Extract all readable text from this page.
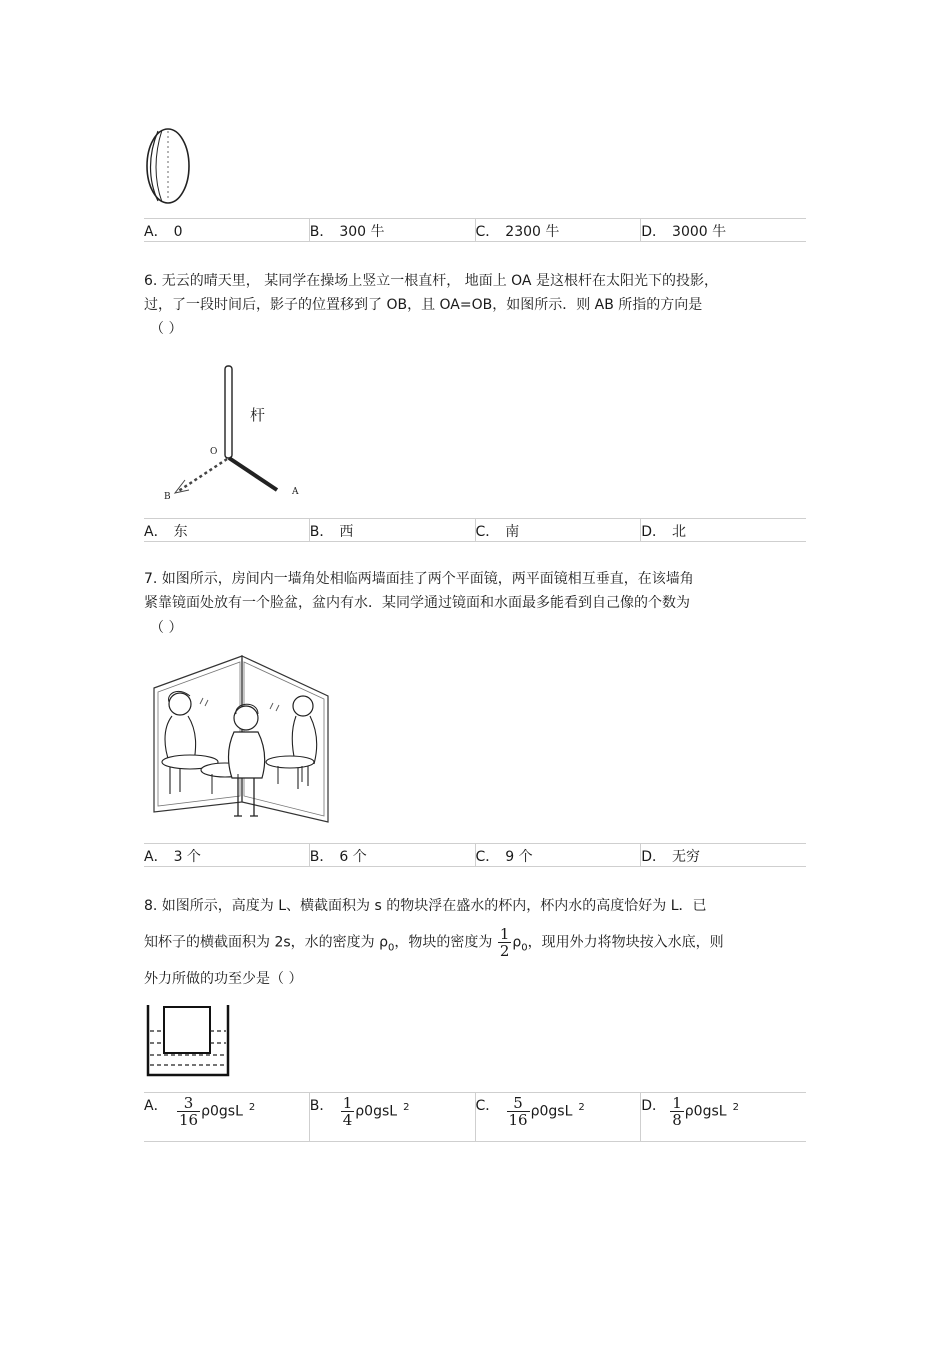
A． 0	B． 300 牛	C． 2300 牛	D． 3000 牛
6. 无云的晴天里， 某同学在操场上竖立一根直杆， 地面上 OA 是这根杆在太阳光下的投影，
过，了一段时间后，影子的位置移到了 OB，且 OA=OB，如图所示．则 AB 所指的方向是
（ ）
杆
O
A
B
A． 东	B． 西	C． 南	D． 北
7. 如图所示，房间内一墙角处相临两墙面挂了两个平面镜，两平面镜相互垂直，在该墙角
紧靠镜面处放有一个脸盆，盆内有水．某同学通过镜面和水面最多能看到自己像的个数为
（ ）
A． 3 个	B． 6 个	C． 9 个	D． 无穷
8. 如图所示，高度为 L、横截面积为 s 的物块浮在盛水的杯内，杯内水的高度恰好为 L．已
知杯子的横截面积为 2s，水的密度为 $\rho_0$，物块的密度为 $\frac{1}{2} \rho_0$，现用外力将物块按入水底，则
外力所做的功至少是（ ）
A． $\frac{3}{16} \rho 0gsL$ $^2$	B． $\frac{1}{4} \rho 0gsL$ $^2$	C． $\frac{5}{16} \rho 0gsL$ $^2$	D． $\frac{1}{8} \rho 0gsL$ $^2$
